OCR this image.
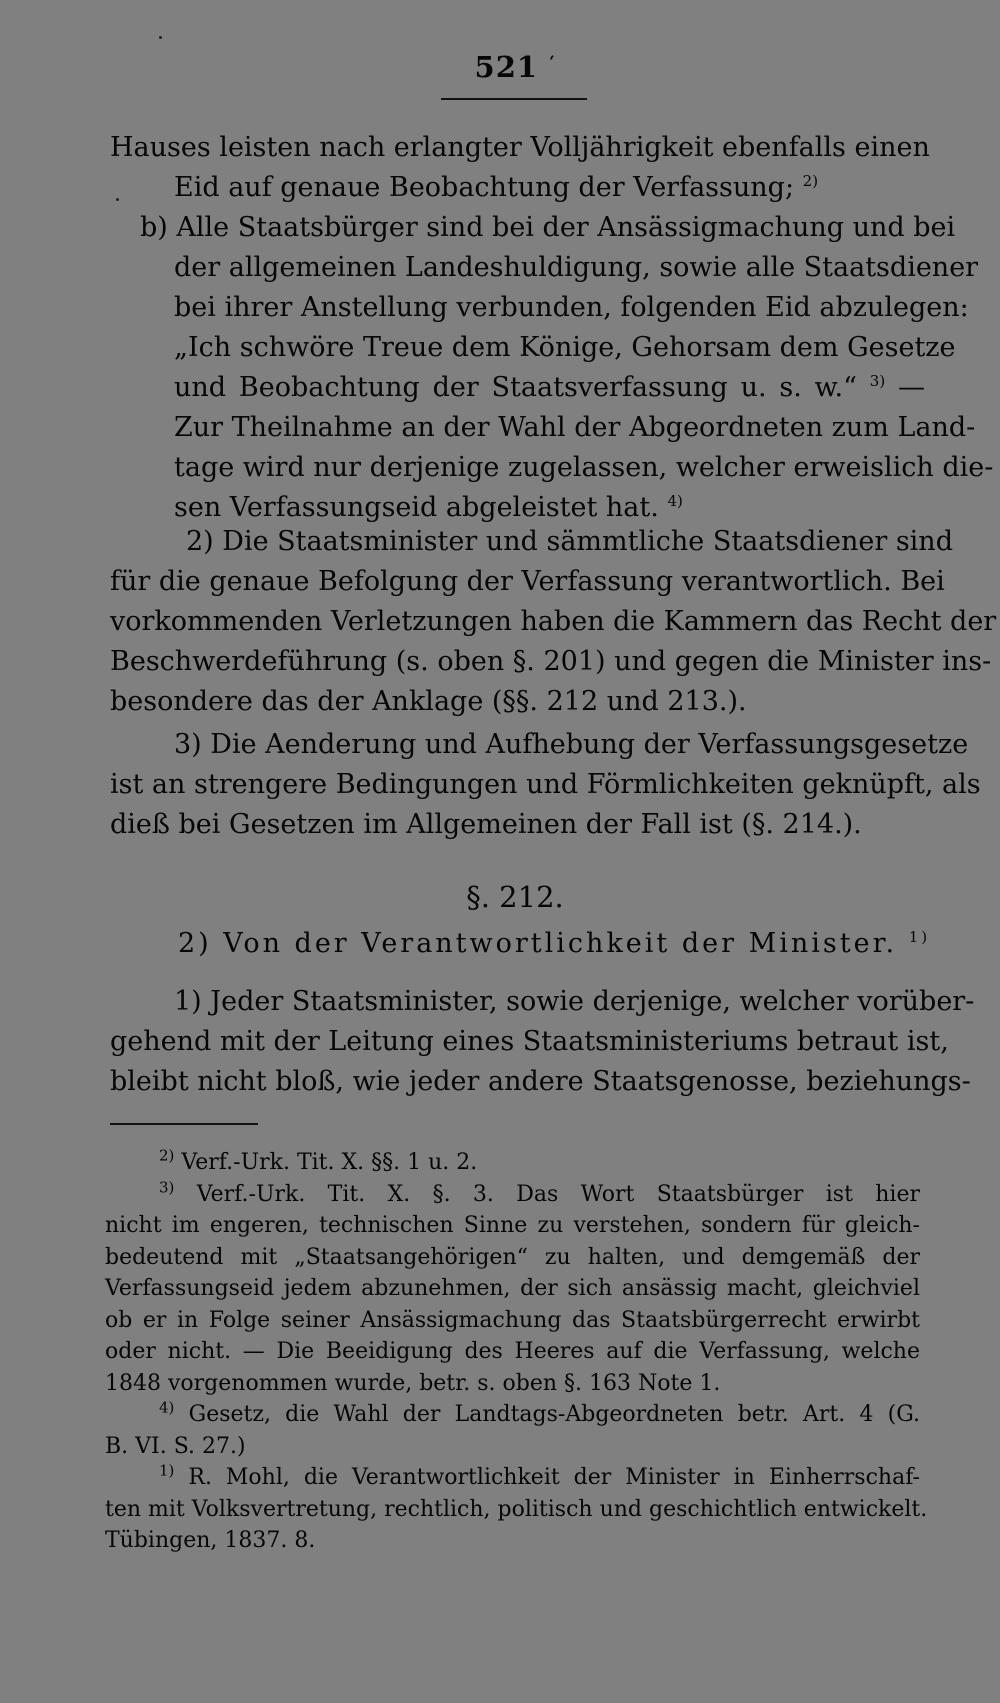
521 $^ʻ$
Hauses leisten nach erlangter Volljährigkeit ebenfalls einen
Eid auf genaue Beobachtung der Verfassung; $^{2)}$
b) Alle Staatsbürger sind bei der Ansässigmachung und bei
der allgemeinen Landeshuldigung, sowie alle Staatsdiener
bei ihrer Anstellung verbunden, folgenden Eid abzulegen:
„Ich schwöre Treue dem Könige, Gehorsam dem Gesetze
und Beobachtung der Staatsverfassung u. s. w.“ $^{3)}$ —
Zur Theilnahme an der Wahl der Abgeordneten zum Land-
tage wird nur derjenige zugelassen, welcher erweislich die-
sen Verfassungseid abgeleistet hat. $^{4)}$
2) Die Staatsminister und sämmtliche Staatsdiener sind
für die genaue Befolgung der Verfassung verantwortlich. Bei
vorkommenden Verletzungen haben die Kammern das Recht der
Beschwerdeführung (s. oben §. 201) und gegen die Minister ins-
besondere das der Anklage (§§. 212 und 213.).
3) Die Aenderung und Aufhebung der Verfassungsgesetze
ist an strengere Bedingungen und Förmlichkeiten geknüpft, als
dieß bei Gesetzen im Allgemeinen der Fall ist (§. 214.).
§. 212.
2) Von der Verantwortlichkeit der Minister. $^{1)}$
1) Jeder Staatsminister, sowie derjenige, welcher vorüber-
gehend mit der Leitung eines Staatsministeriums betraut ist,
bleibt nicht bloß, wie jeder andere Staatsgenosse, beziehungs-
$^{2)}$ Verf.-Urk. Tit. X. §§. 1 u. 2.
$^{3)}$ Verf.-Urk. Tit. X. §. 3. Das Wort Staatsbürger ist hier
nicht im engeren, technischen Sinne zu verstehen, sondern für gleich-
bedeutend mit „Staatsangehörigen“ zu halten, und demgemäß der
Verfassungseid jedem abzunehmen, der sich ansässig macht, gleichviel
ob er in Folge seiner Ansässigmachung das Staatsbürgerrecht erwirbt
oder nicht. — Die Beeidigung des Heeres auf die Verfassung, welche
1848 vorgenommen wurde, betr. s. oben §. 163 Note 1.
$^{4)}$ Gesetz, die Wahl der Landtags-Abgeordneten betr. Art. 4 (G.
B. VI. S. 27.)
$^{1)}$ R. Mohl, die Verantwortlichkeit der Minister in Einherrschaf-
ten mit Volksvertretung, rechtlich, politisch und geschichtlich entwickelt.
Tübingen, 1837. 8.
